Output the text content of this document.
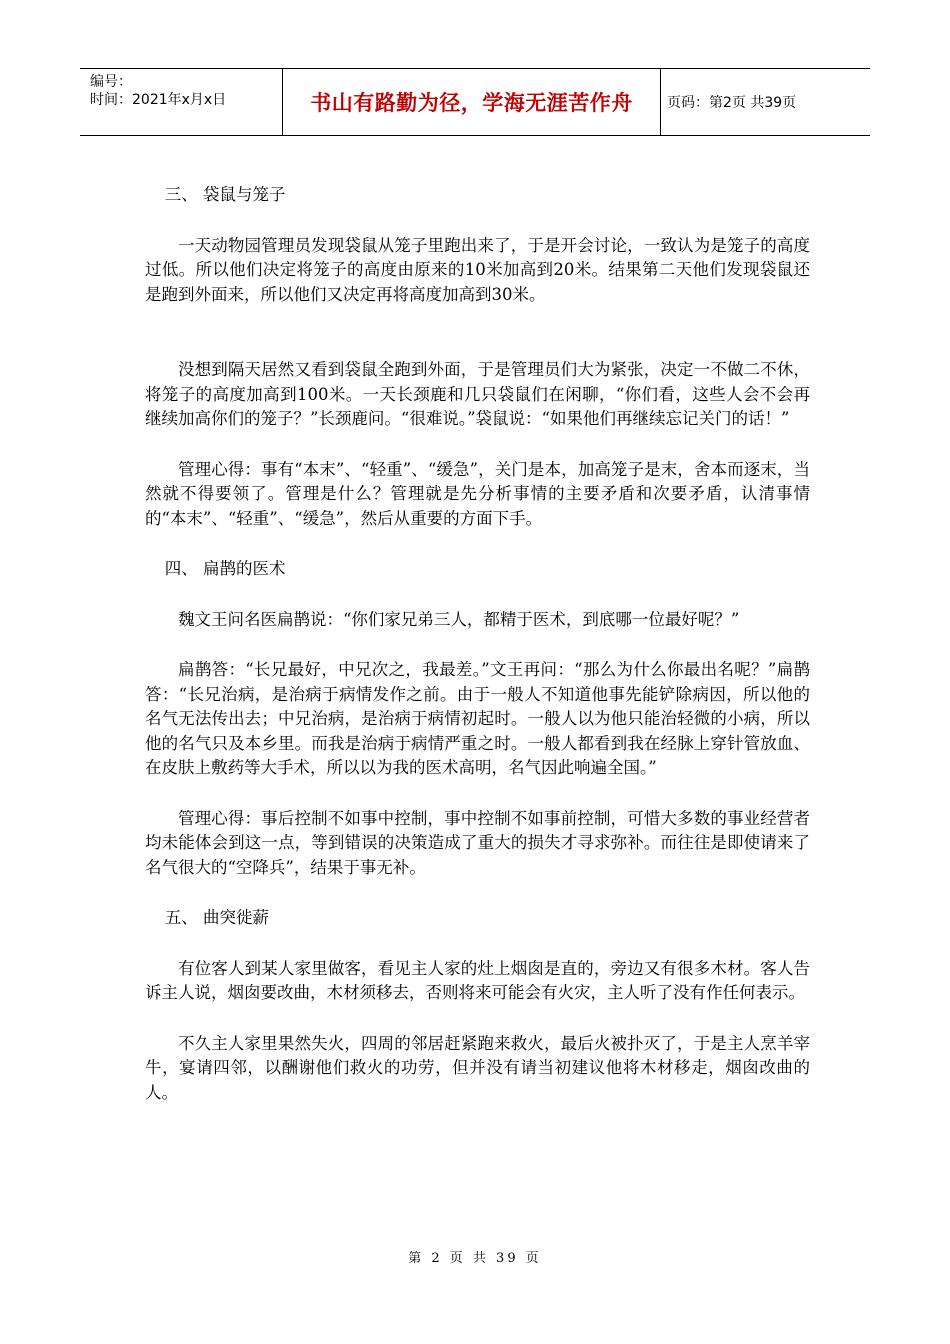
编号：
时间：2021年x月x日	书山有路勤为径，学海无涯苦作舟 页码：第2页 共39页

三、 袋鼠与笼子

一天动物园管理员发现袋鼠从笼子里跑出来了，于是开会讨论，一致认为是笼子的高度过低。所以他们决定将笼子的高度由原来的10米加高到20米。结果第二天他们发现袋鼠还是跑到外面来，所以他们又决定再将高度加高到30米。

没想到隔天居然又看到袋鼠全跑到外面，于是管理员们大为紧张，决定一不做二不休，将笼子的高度加高到100米。一天长颈鹿和几只袋鼠们在闲聊，“你们看，这些人会不会再继续加高你们的笼子？”长颈鹿问。“很难说。”袋鼠说：“如果他们再继续忘记关门的话！”

管理心得：事有“本末”、“轻重”、“缓急”，关门是本，加高笼子是末，舍本而逐末，当然就不得要领了。管理是什么？管理就是先分析事情的主要矛盾和次要矛盾，认清事情的“本末”、“轻重”、“缓急”，然后从重要的方面下手。

四、 扁鹊的医术

魏文王问名医扁鹊说：“你们家兄弟三人，都精于医术，到底哪一位最好呢？”

扁鹊答：“长兄最好，中兄次之，我最差。”文王再问：“那么为什么你最出名呢？”扁鹊答：“长兄治病，是治病于病情发作之前。由于一般人不知道他事先能铲除病因，所以他的名气无法传出去；中兄治病，是治病于病情初起时。一般人以为他只能治轻微的小病，所以他的名气只及本乡里。而我是治病于病情严重之时。一般人都看到我在经脉上穿针管放血、在皮肤上敷药等大手术，所以以为我的医术高明，名气因此响遍全国。”

管理心得：事后控制不如事中控制，事中控制不如事前控制，可惜大多数的事业经营者均未能体会到这一点，等到错误的决策造成了重大的损失才寻求弥补。而往往是即使请来了名气很大的“空降兵”，结果于事无补。

五、 曲突徙薪

有位客人到某人家里做客，看见主人家的灶上烟囱是直的，旁边又有很多木材。客人告诉主人说，烟囱要改曲，木材须移去，否则将来可能会有火灾，主人听了没有作任何表示。

不久主人家里果然失火，四周的邻居赶紧跑来救火，最后火被扑灭了，于是主人烹羊宰牛，宴请四邻，以酬谢他们救火的功劳，但并没有请当初建议他将木材移走，烟囱改曲的人。

第 2 页 共 39 页
